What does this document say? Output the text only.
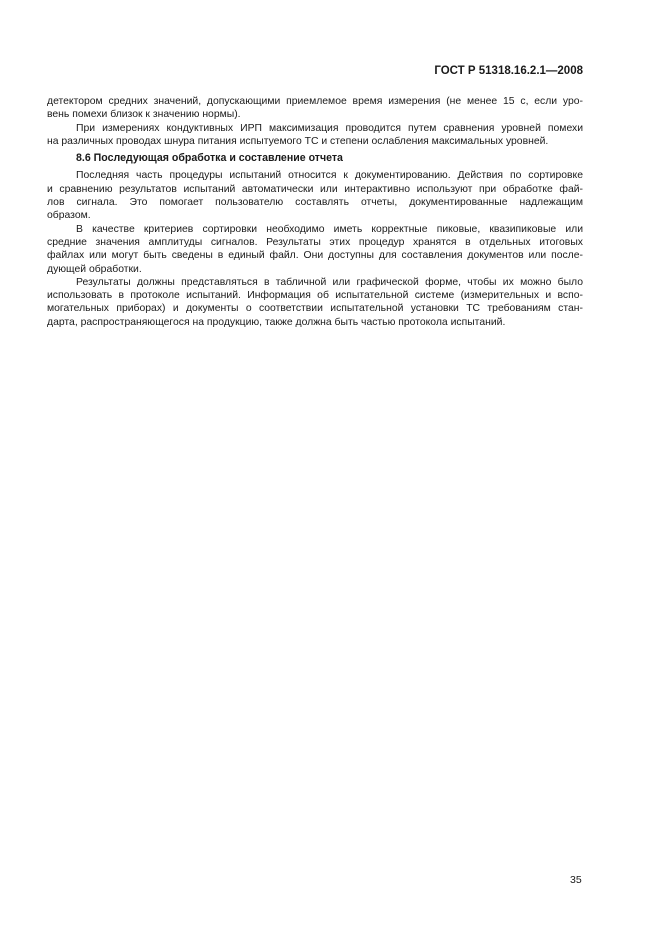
ГОСТ Р 51318.16.2.1—2008
детектором средних значений, допускающими приемлемое время измерения (не менее 15 с, если уро-
вень помехи близок к значению нормы).
При измерениях кондуктивных ИРП максимизация проводится путем сравнения уровней помехи
на различных проводах шнура питания испытуемого ТС и степени ослабления максимальных уровней.
8.6 Последующая обработка и составление отчета
Последняя часть процедуры испытаний относится к документированию. Действия по сортировке
и сравнению результатов испытаний автоматически или интерактивно используют при обработке фай-
лов сигнала. Это помогает пользователю составлять отчеты, документированные надлежащим
образом.
В качестве критериев сортировки необходимо иметь корректные пиковые, квазипиковые или
средние значения амплитуды сигналов. Результаты этих процедур хранятся в отдельных итоговых
файлах или могут быть сведены в единый файл. Они доступны для составления документов или после-
дующей обработки.
Результаты должны представляться в табличной или графической форме, чтобы их можно было
использовать в протоколе испытаний. Информация об испытательной системе (измерительных и вспо-
могательных приборах) и документы о соответствии испытательной установки ТС требованиям стан-
дарта, распространяющегося на продукцию, также должна быть частью протокола испытаний.
35
